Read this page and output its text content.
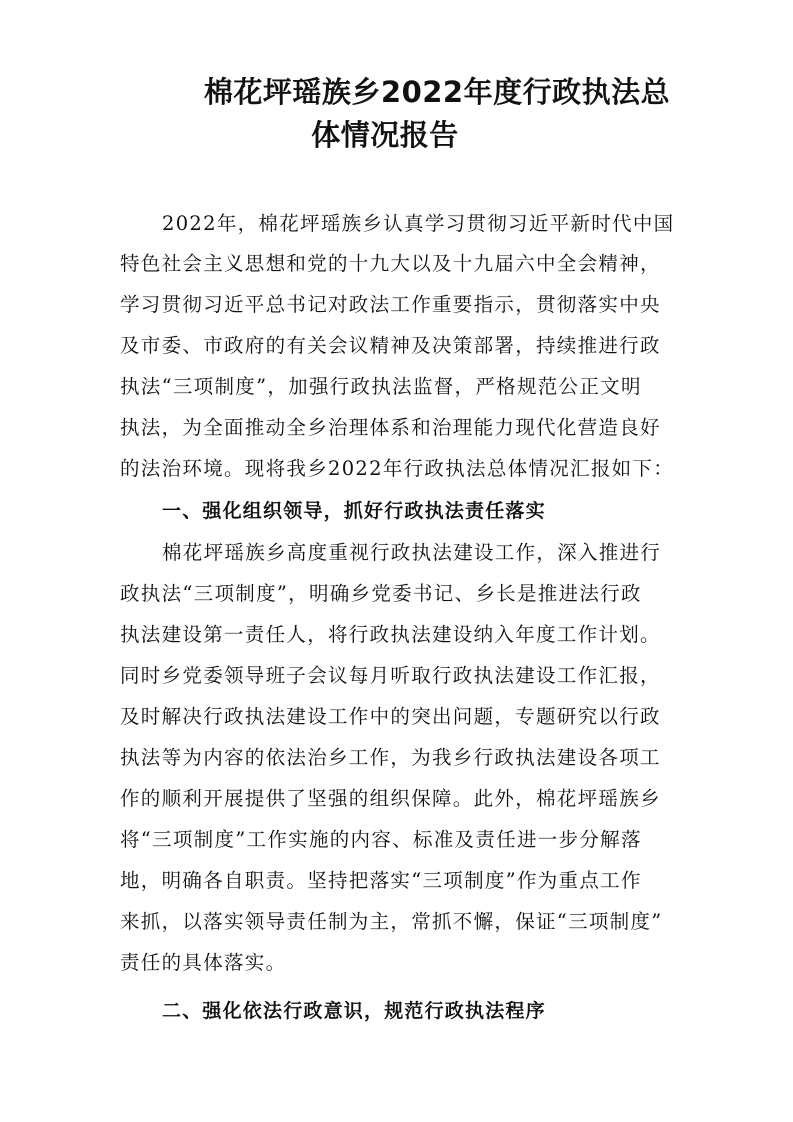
棉花坪瑶族乡2022年度行政执法总
体情况报告
2022年，棉花坪瑶族乡认真学习贯彻习近平新时代中国
特色社会主义思想和党的十九大以及十九届六中全会精神，
学习贯彻习近平总书记对政法工作重要指示，贯彻落实中央
及市委、市政府的有关会议精神及决策部署，持续推进行政
执法“三项制度”，加强行政执法监督，严格规范公正文明
执法，为全面推动全乡治理体系和治理能力现代化营造良好
的法治环境。现将我乡2022年行政执法总体情况汇报如下：
一、强化组织领导，抓好行政执法责任落实
棉花坪瑶族乡高度重视行政执法建设工作，深入推进行
政执法“三项制度”，明确乡党委书记、乡长是推进法行政
执法建设第一责任人，将行政执法建设纳入年度工作计划。
同时乡党委领导班子会议每月听取行政执法建设工作汇报，
及时解决行政执法建设工作中的突出问题，专题研究以行政
执法等为内容的依法治乡工作，为我乡行政执法建设各项工
作的顺利开展提供了坚强的组织保障。此外，棉花坪瑶族乡
将“三项制度”工作实施的内容、标准及责任进一步分解落
地，明确各自职责。坚持把落实“三项制度”作为重点工作
来抓，以落实领导责任制为主，常抓不懈，保证“三项制度”
责任的具体落实。
二、强化依法行政意识，规范行政执法程序
